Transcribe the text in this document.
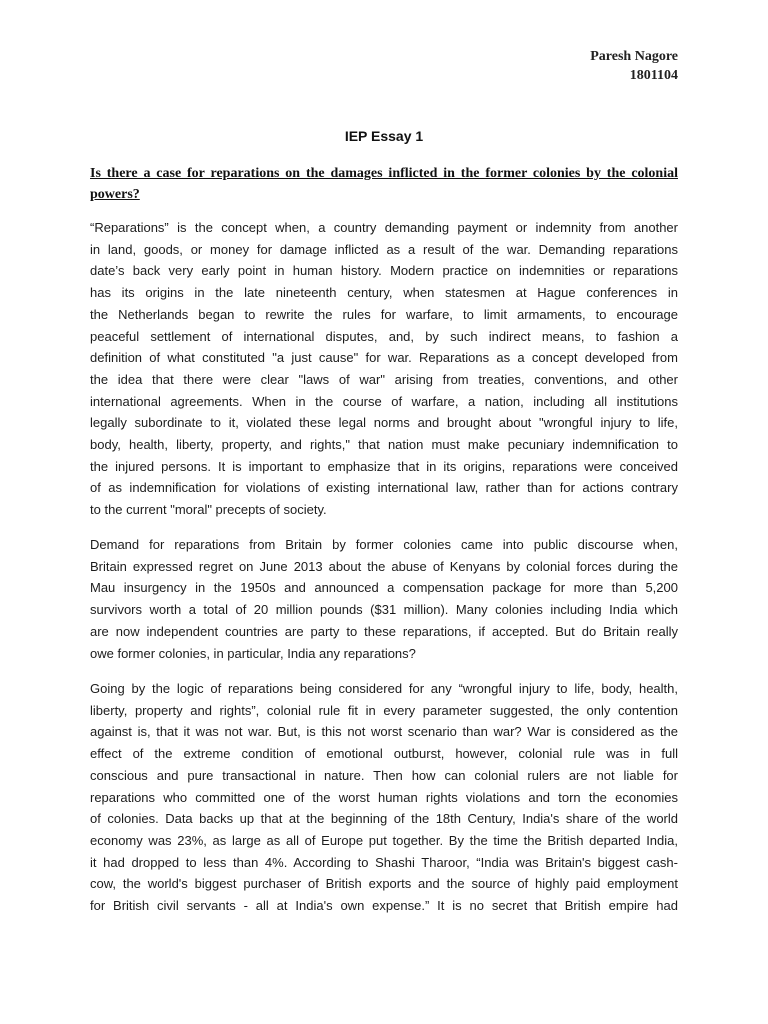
Paresh Nagore
1801104
IEP Essay 1
Is there a case for reparations on the damages inflicted in the former colonies by the colonial powers?
“Reparations” is the concept when, a country demanding payment or indemnity from another
in land, goods, or money for damage inflicted as a result of the war. Demanding reparations
date’s back very early point in human history. Modern practice on indemnities or reparations
has its origins in the late nineteenth century, when statesmen at Hague conferences in
the Netherlands began to rewrite the rules for warfare, to limit armaments, to encourage
peaceful settlement of international disputes, and, by such indirect means, to fashion a
definition of what constituted "a just cause" for war. Reparations as a concept developed from
the idea that there were clear "laws of war" arising from treaties, conventions, and other
international agreements. When in the course of warfare, a nation, including all institutions
legally subordinate to it, violated these legal norms and brought about "wrongful injury to life,
body, health, liberty, property, and rights," that nation must make pecuniary indemnification to
the injured persons. It is important to emphasize that in its origins, reparations were conceived
of as indemnification for violations of existing international law, rather than for actions contrary
to the current "moral" precepts of society.
Demand for reparations from Britain by former colonies came into public discourse when,
Britain expressed regret on June 2013 about the abuse of Kenyans by colonial forces during the
Mau insurgency in the 1950s and announced a compensation package for more than 5,200
survivors worth a total of 20 million pounds ($31 million). Many colonies including India which
are now independent countries are party to these reparations, if accepted. But do Britain really
owe former colonies, in particular, India any reparations?
Going by the logic of reparations being considered for any “wrongful injury to life, body, health,
liberty, property and rights”, colonial rule fit in every parameter suggested, the only contention
against is, that it was not war. But, is this not worst scenario than war? War is considered as the
effect of the extreme condition of emotional outburst, however, colonial rule was in full
conscious and pure transactional in nature. Then how can colonial rulers are not liable for
reparations who committed one of the worst human rights violations and torn the economies
of colonies. Data backs up that at the beginning of the 18th Century, India's share of the world
economy was 23%, as large as all of Europe put together. By the time the British departed India,
it had dropped to less than 4%. According to Shashi Tharoor, “India was Britain's biggest cash-
cow, the world's biggest purchaser of British exports and the source of highly paid employment
for British civil servants - all at India's own expense.” It is no secret that British empire had
